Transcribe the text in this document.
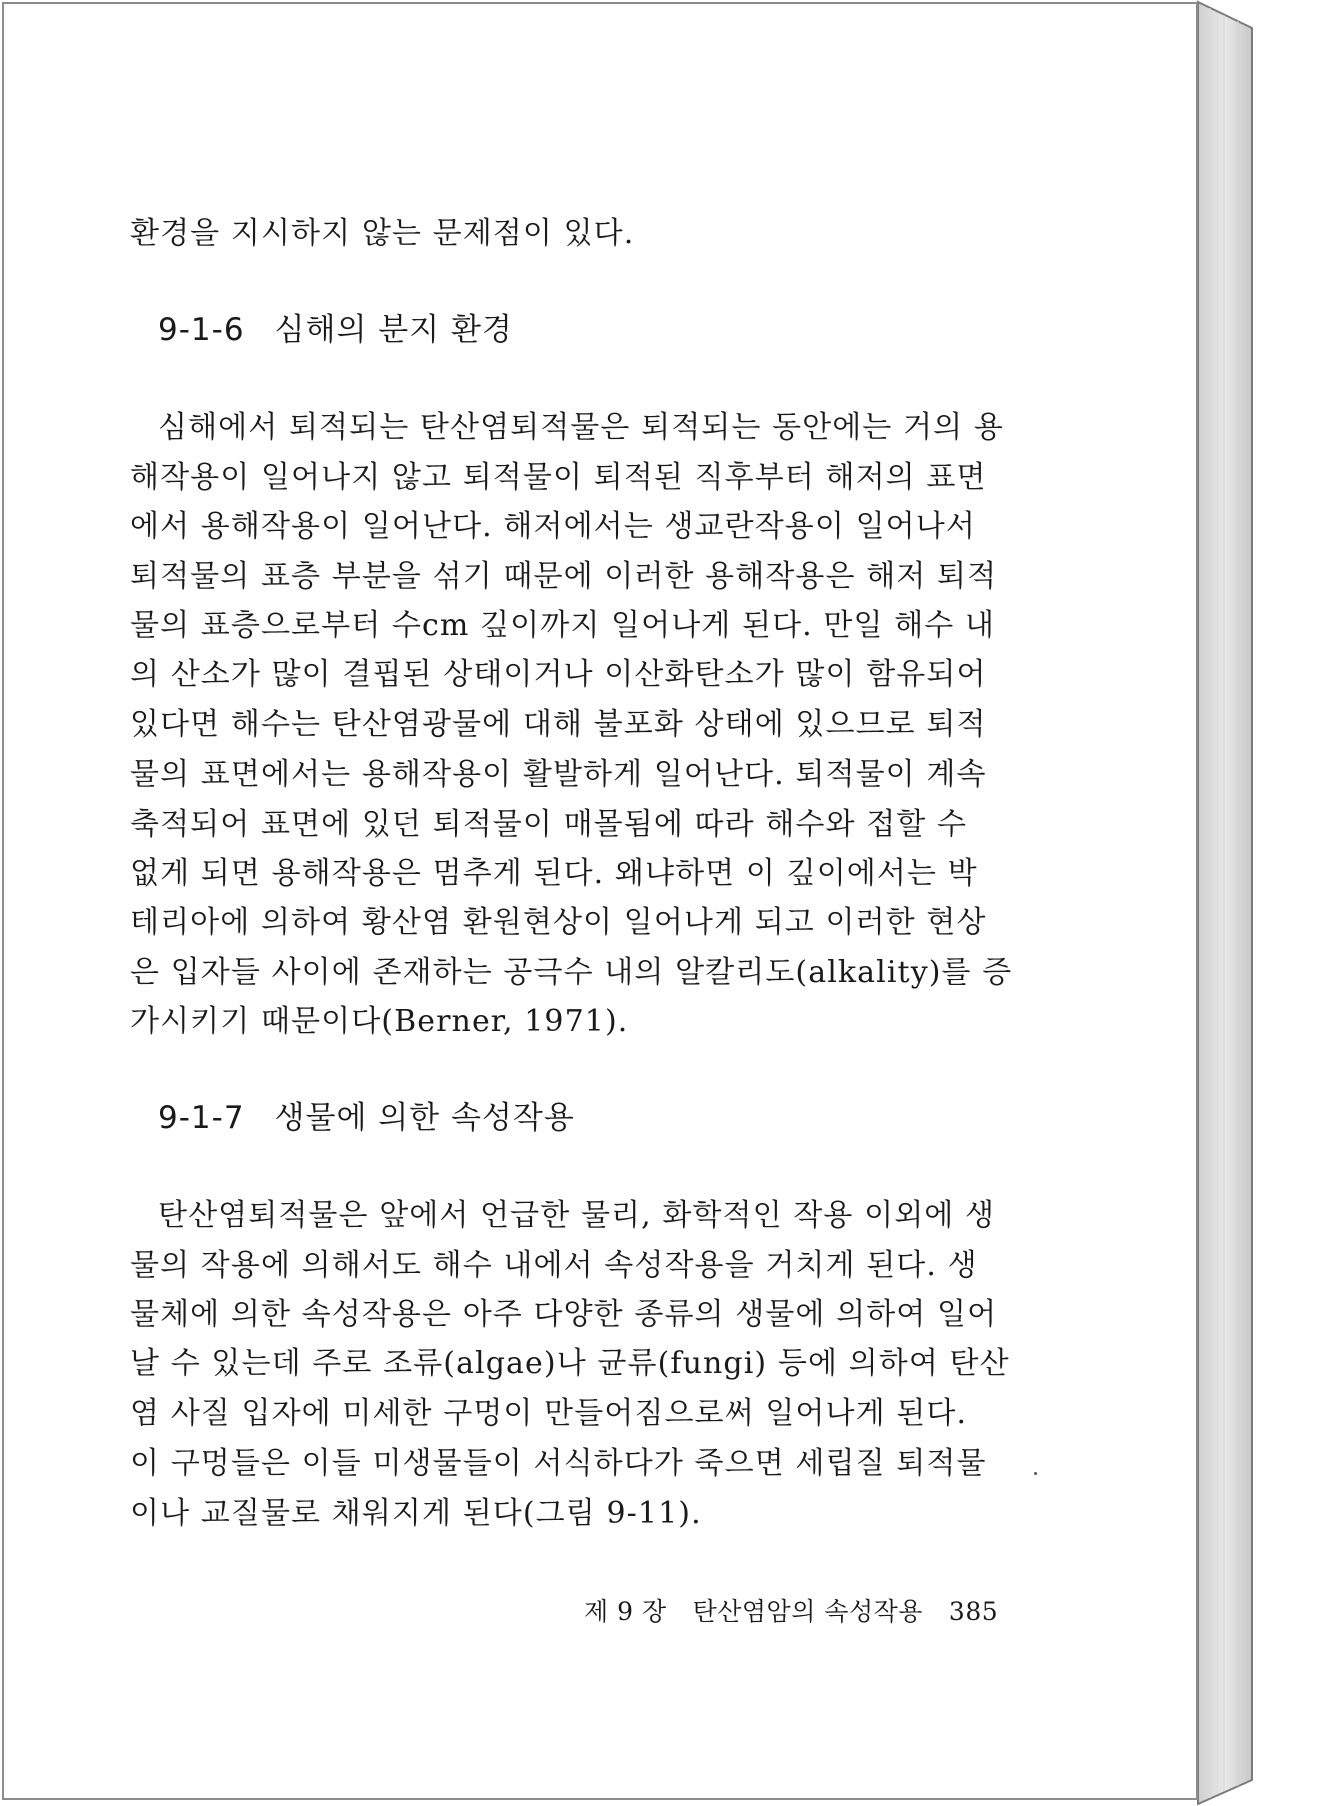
환경을 지시하지 않는 문제점이 있다.
9-1-6 심해의 분지 환경
심해에서 퇴적되는 탄산염퇴적물은 퇴적되는 동안에는 거의 용
해작용이 일어나지 않고 퇴적물이 퇴적된 직후부터 해저의 표면
에서 용해작용이 일어난다. 해저에서는 생교란작용이 일어나서
퇴적물의 표층 부분을 섞기 때문에 이러한 용해작용은 해저 퇴적
물의 표층으로부터 수cm 깊이까지 일어나게 된다. 만일 해수 내
의 산소가 많이 결핍된 상태이거나 이산화탄소가 많이 함유되어
있다면 해수는 탄산염광물에 대해 불포화 상태에 있으므로 퇴적
물의 표면에서는 용해작용이 활발하게 일어난다. 퇴적물이 계속
축적되어 표면에 있던 퇴적물이 매몰됨에 따라 해수와 접할 수
없게 되면 용해작용은 멈추게 된다. 왜냐하면 이 깊이에서는 박
테리아에 의하여 황산염 환원현상이 일어나게 되고 이러한 현상
은 입자들 사이에 존재하는 공극수 내의 알칼리도(alkality)를 증
가시키기 때문이다(Berner, 1971).
9-1-7 생물에 의한 속성작용
탄산염퇴적물은 앞에서 언급한 물리, 화학적인 작용 이외에 생
물의 작용에 의해서도 해수 내에서 속성작용을 거치게 된다. 생
물체에 의한 속성작용은 아주 다양한 종류의 생물에 의하여 일어
날 수 있는데 주로 조류(algae)나 균류(fungi) 등에 의하여 탄산
염 사질 입자에 미세한 구멍이 만들어짐으로써 일어나게 된다.
이 구멍들은 이들 미생물들이 서식하다가 죽으면 세립질 퇴적물
이나 교질물로 채워지게 된다(그림 9-11).
제 9 장 탄산염암의 속성작용 385
